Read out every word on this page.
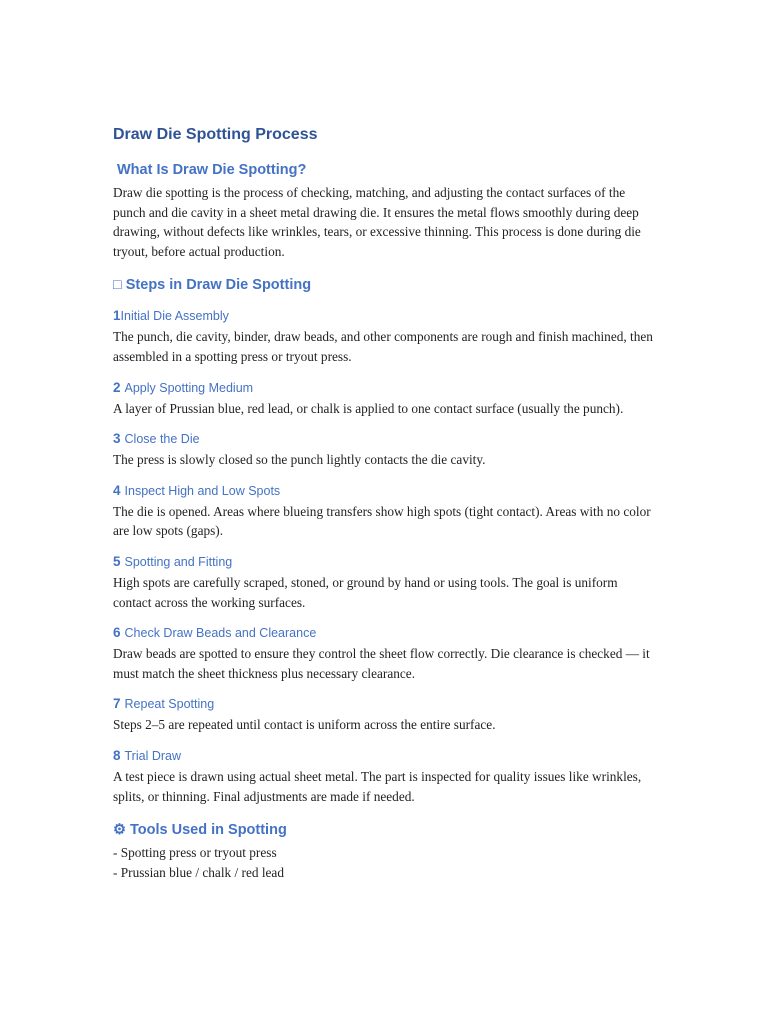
Draw Die Spotting Process
What Is Draw Die Spotting?

Draw die spotting is the process of checking, matching, and adjusting the contact surfaces of the punch and die cavity in a sheet metal drawing die. It ensures the metal flows smoothly during deep drawing, without defects like wrinkles, tears, or excessive thinning. This process is done during die tryout, before actual production.

□ Steps in Draw Die Spotting
1Initial Die Assembly

The punch, die cavity, binder, draw beads, and other components are rough and finish machined, then assembled in a spotting press or tryout press.

2 Apply Spotting Medium

A layer of Prussian blue, red lead, or chalk is applied to one contact surface (usually the punch).

3 Close the Die

The press is slowly closed so the punch lightly contacts the die cavity.

4 Inspect High and Low Spots

The die is opened. Areas where blueing transfers show high spots (tight contact). Areas with no color are low spots (gaps).

5 Spotting and Fitting

High spots are carefully scraped, stoned, or ground by hand or using tools. The goal is uniform contact across the working surfaces.

6 Check Draw Beads and Clearance

Draw beads are spotted to ensure they control the sheet flow correctly. Die clearance is checked — it must match the sheet thickness plus necessary clearance.

7 Repeat Spotting

Steps 2–5 are repeated until contact is uniform across the entire surface.

8 Trial Draw

A test piece is drawn using actual sheet metal. The part is inspected for quality issues like wrinkles, splits, or thinning. Final adjustments are made if needed.

⚙ Tools Used in Spotting

- Spotting press or tryout press

- Prussian blue / chalk / red lead
